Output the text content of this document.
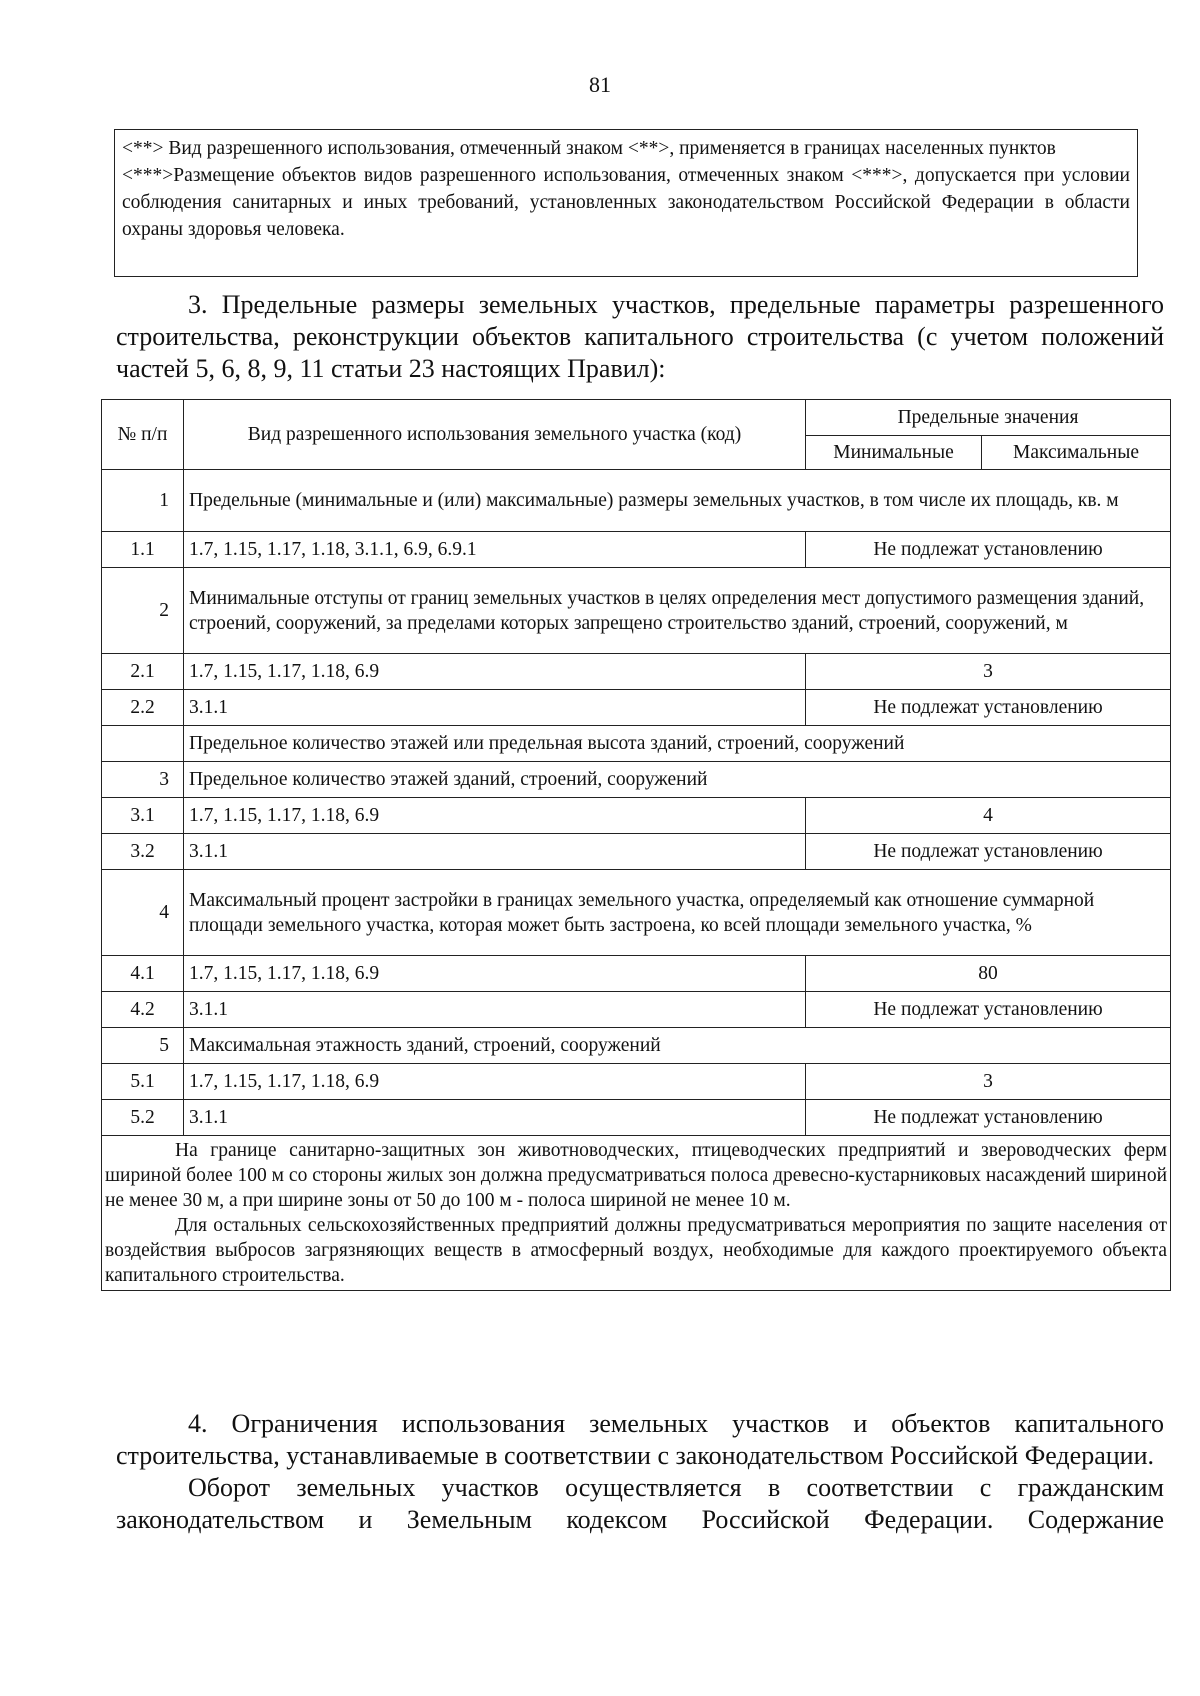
81

<**> Вид разрешенного использования, отмеченный знаком <**>, применяется в границах населенных пунктов

<***>Размещение объектов видов разрешенного использования, отмеченных знаком <***>, допускается при условии соблюдения санитарных и иных требований, установленных законодательством Российской Федерации в области охраны здоровья человека.

3. Предельные размеры земельных участков, предельные параметры разрешенного строительства, реконструкции объектов капитального строительства (с учетом положений частей 5, 6, 8, 9, 11 статьи 23 настоящих Правил):

№ п/п	Вид разрешенного использования земельного участка (код)	Предельные значения	
		Минимальные	Максимальные
1	Предельные (минимальные и (или) максимальные) размеры земельных участков, в том числе их площадь, кв. м		
1.1	1.7, 1.15, 1.17, 1.18, 3.1.1, 6.9, 6.9.1	Не подлежат установлению	
2	Минимальные отступы от границ земельных участков в целях определения мест допустимого размещения зданий, строений, сооружений, за пределами которых запрещено строительство зданий, строений, сооружений, м		
2.1	1.7, 1.15, 1.17, 1.18, 6.9	3	
2.2	3.1.1	Не подлежат установлению	
	Предельное количество этажей или предельная высота зданий, строений, сооружений		
3	Предельное количество этажей зданий, строений, сооружений		
3.1	1.7, 1.15, 1.17, 1.18, 6.9	4	
3.2	3.1.1	Не подлежат установлению	
4	Максимальный процент застройки в границах земельного участка, определяемый как отношение суммарной площади земельного участка, которая может быть застроена, ко всей площади земельного участка, %		
4.1	1.7, 1.15, 1.17, 1.18, 6.9	80	
4.2	3.1.1	Не подлежат установлению	
5	Максимальная этажность зданий, строений, сооружений		
5.1	1.7, 1.15, 1.17, 1.18, 6.9	3	
5.2	3.1.1	Не подлежат установлению	

На границе санитарно-защитных зон животноводческих, птицеводческих предприятий и звероводческих ферм шириной более 100 м со стороны жилых зон должна предусматриваться полоса древесно-кустарниковых насаждений шириной не менее 30 м, а при ширине зоны от 50 до 100 м - полоса шириной не менее 10 м.

Для остальных сельскохозяйственных предприятий должны предусматриваться мероприятия по защите населения от воздействия выбросов загрязняющих веществ в атмосферный воздух, необходимые для каждого проектируемого объекта капитального строительства.			

4. Ограничения использования земельных участков и объектов капитального строительства, устанавливаемые в соответствии с законодательством Российской Федерации.

Оборот земельных участков осуществляется в соответствии с гражданским законодательством и Земельным кодексом Российской Федерации. Содержание
